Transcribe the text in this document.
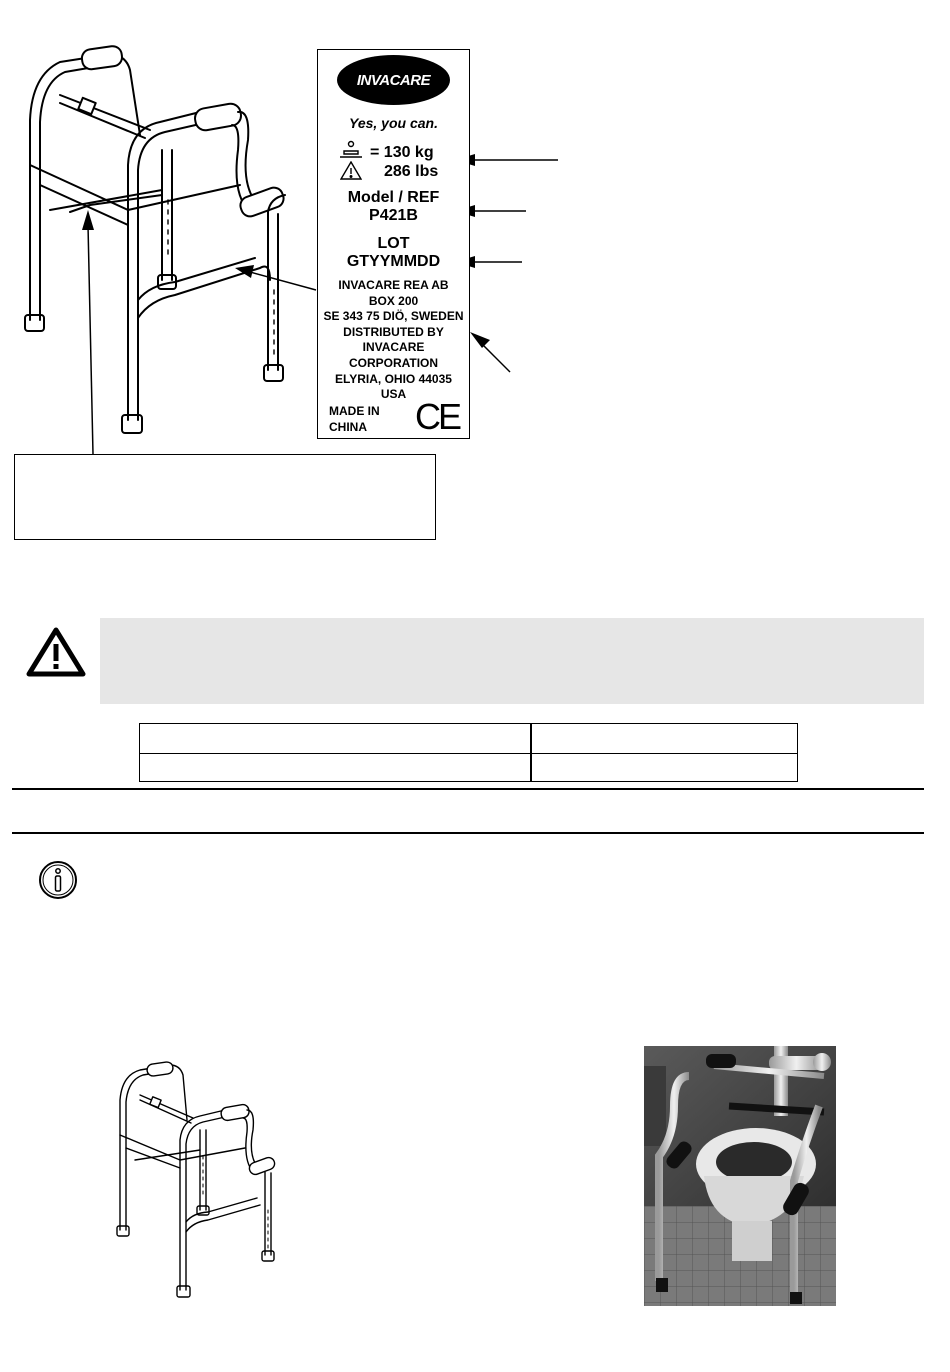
INVACARE
Yes, you can.
= 130 kg
286 lbs
Model / REF
P421B
LOT
GTYYMMDD
INVACARE REA AB
BOX 200
SE 343 75 DIÖ, SWEDEN
DISTRIBUTED BY
INVACARE
CORPORATION
ELYRIA, OHIO 44035
USA
MADE IN
CHINA	CE
